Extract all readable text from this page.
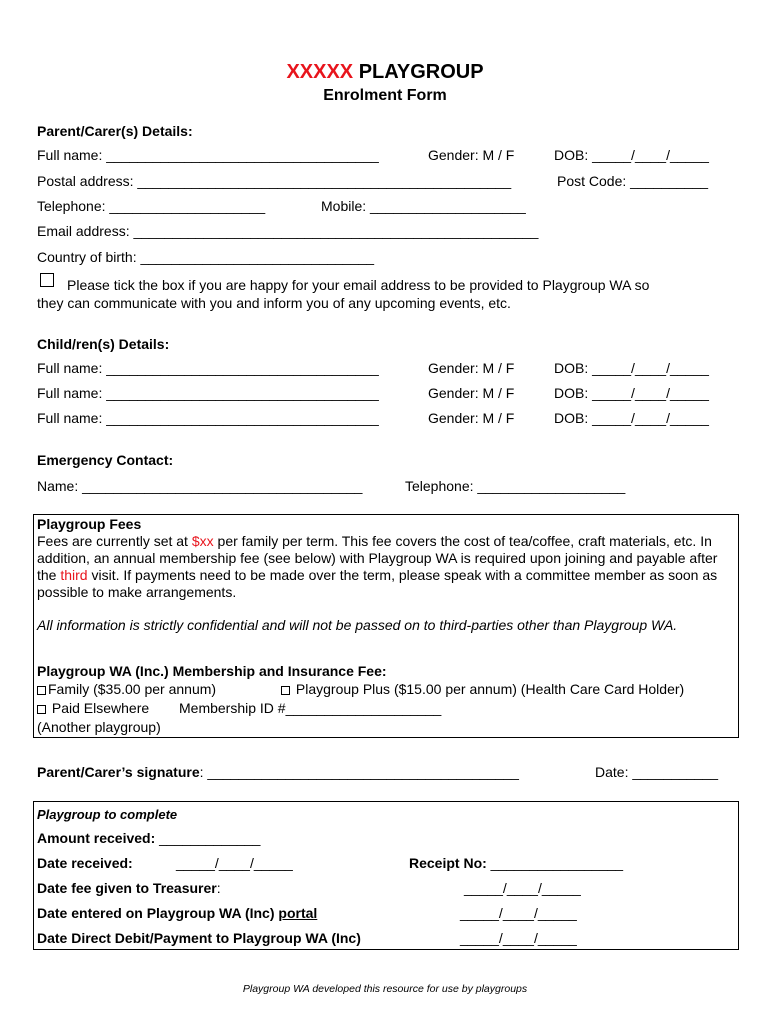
XXXXX PLAYGROUP
Enrolment Form
Parent/Carer(s) Details:
Full name: ___________________________________	Gender: M / F	DOB: _____/____/_____
Postal address: ________________________________________________	Post Code: __________
Telephone: ____________________	Mobile: ____________________
Email address: ____________________________________________________
Country of birth: ______________________________
Please tick the box if you are happy for your email address to be provided to Playgroup WA so
they can communicate with you and inform you of any upcoming events, etc.
Child/ren(s) Details:
Full name: ___________________________________	Gender: M / F	DOB: _____/____/_____
Full name: ___________________________________	Gender: M / F	DOB: _____/____/_____
Full name: ___________________________________	Gender: M / F	DOB: _____/____/_____
Emergency Contact:
Name: ____________________________________	Telephone: ___________________
Playgroup Fees
Fees are currently set at $xx per family per term. This fee covers the cost of tea/coffee, craft materials, etc. In addition, an annual membership fee (see below) with Playgroup WA is required upon joining and payable after the third visit. If payments need to be made over the term, please speak with a committee member as soon as possible to make arrangements.
All information is strictly confidential and will not be passed on to third-parties other than Playgroup WA.
Playgroup WA (Inc.) Membership and Insurance Fee:
Family ($35.00 per annum)	Playgroup Plus ($15.00 per annum) (Health Care Card Holder)
Paid Elsewhere Membership ID #____________________
(Another playgroup)
Parent/Carer’s signature: ________________________________________	Date: ___________
Playgroup to complete
Amount received: _____________
Date received:	_____/____/_____	Receipt No: _________________
Date fee given to Treasurer:	_____/____/_____
Date entered on Playgroup WA (Inc) portal	_____/____/_____
Date Direct Debit/Payment to Playgroup WA (Inc)	_____/____/_____
Playgroup WA developed this resource for use by playgroups
